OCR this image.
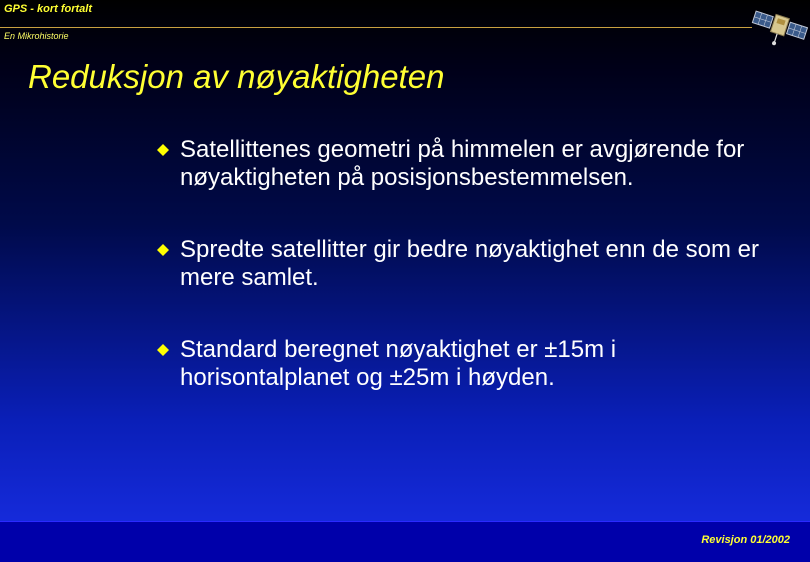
GPS - kort fortalt
En Mikrohistorie
Reduksjon av nøyaktigheten
Satellittenes geometri på himmelen er avgjørende for nøyaktigheten på posisjonsbestemmelsen.
Spredte satellitter gir bedre nøyaktighet enn de som er mere samlet.
Standard beregnet nøyaktighet er ±15m i horisontalplanet og ±25m i høyden.
Revisjon 01/2002
